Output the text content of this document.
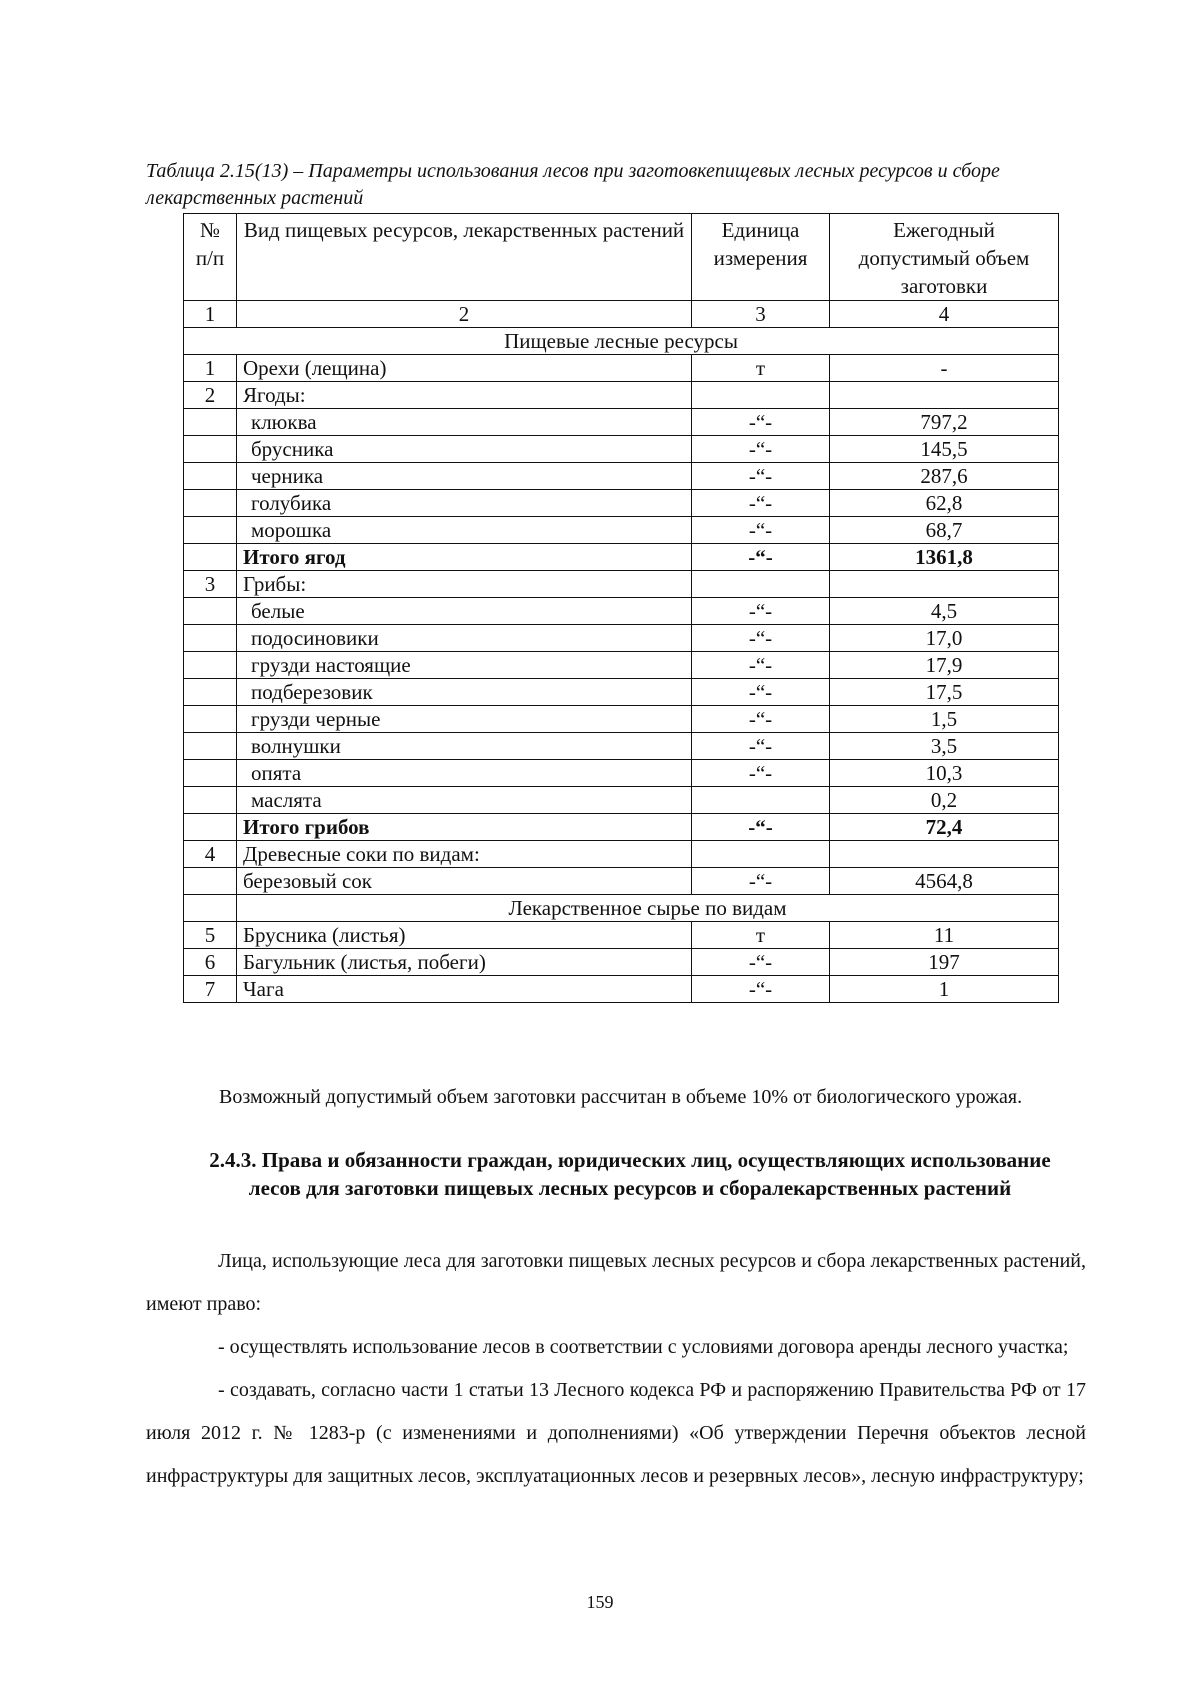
Таблица 2.15(13) – Параметры использования лесов при заготовкепищевых лесных ресурсов и сборе лекарственных растений
№ п/п	Вид пищевых ресурсов, лекарственных растений	Единица измерения	Ежегодный допустимый объем заготовки
1	2	3	4
Пищевые лесные ресурсы			
1	Орехи (лещина)	т	-
2	Ягоды:		
	клюква	-“-	797,2
	брусника	-“-	145,5
	черника	-“-	287,6
	голубика	-“-	62,8
	морошка	-“-	68,7
	Итого ягод	-“-	1361,8
3	Грибы:		
	белые	-“-	4,5
	подосиновики	-“-	17,0
	грузди настоящие	-“-	17,9
	подберезовик	-“-	17,5
	грузди черные	-“-	1,5
	волнушки	-“-	3,5
	опята	-“-	10,3
	маслята		0,2
	Итого грибов	-“-	72,4
4	Древесные соки по видам:		
	березовый сок	-“-	4564,8
	Лекарственное сырье по видам		
5	Брусника (листья)	т	11
6	Багульник (листья, побеги)	-“-	197
7	Чага	-“-	1
Возможный допустимый объем заготовки рассчитан в объеме 10% от биологического урожая.
2.4.3. Права и обязанности граждан, юридических лиц, осуществляющих использование лесов для заготовки пищевых лесных ресурсов и сборалекарственных растений

Лица, использующие леса для заготовки пищевых лесных ресурсов и сбора лекарственных растений, имеют право:

- осуществлять использование лесов в соответствии с условиями договора аренды лесного участка;

- создавать, согласно части 1 статьи 13 Лесного кодекса РФ и распоряжению Правительства РФ от 17 июля 2012 г. № 1283-р (с изменениями и дополнениями) «Об утверждении Перечня объектов лесной инфраструктуры для защитных лесов, эксплуатационных лесов и резервных лесов», лесную инфраструктуру;

159
